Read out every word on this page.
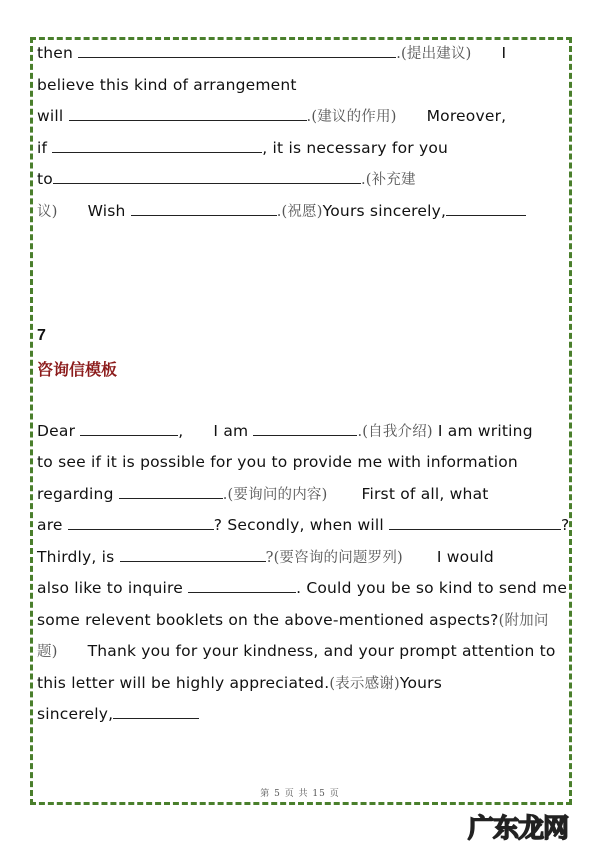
then	.(提出建议) I
believe this kind of arrangement
will	.(建议的作用) Moreover,
if	, it is necessary for you
to	.(补充建
议) Wish	.(祝愿)Yours sincerely,
7
咨询信模板
Dear	, I am	.(自我介绍) I am writing
to see if it is possible for you to provide me with information
regarding	.(要询问的内容) First of all, what
are	? Secondly, when will	?
Thirdly, is	?(要咨询的问题罗列) I would
also like to inquire	. Could you be so kind to send me
some relevent booklets on the above-mentioned aspects?(附加问
题) Thank you for your kindness, and your prompt attention to
this letter will be highly appreciated.(表示感谢)Yours
sincerely,
第 5 页 共 15 页
广东龙网
